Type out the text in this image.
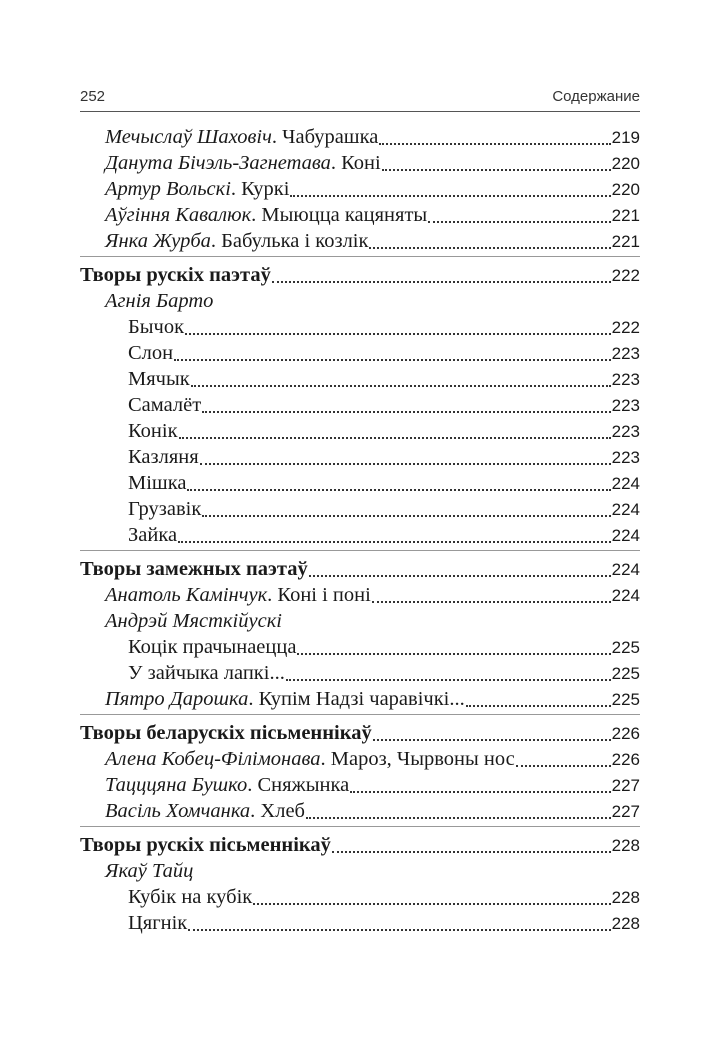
252	Содержание
Мечыслаў Шаховіч. Чабурашка	219
Данута Бічэль-Загнетава. Коні	220
Артур Вольскі. Куркі	220
Аўгіння Кавалюк. Мыюцца кацяняты	221
Янка Журба. Бабулька і козлік	221
Творы рускіх паэтаў	222
Агнія Барто
Бычок	222
Слон	223
Мячык	223
Самалёт	223
Конік	223
Казляня	223
Мішка	224
Грузавік	224
Зайка	224
Творы замежных паэтаў	224
Анатоль Камінчук. Коні і поні	224
Андрэй Мясткійускі
Коцік прачынаецца	225
У зайчыка лапкі...	225
Пятро Дарошка. Купім Надзі чаравічкі...	225
Творы беларускіх пісьменнікаў	226
Алена Кобец-Філімонава. Мароз, Чырвоны нос	226
Тацццяна Бушко. Сняжынка	227
Васіль Хомчанка. Хлеб	227
Творы рускіх пісьменнікаў	228
Якаў Тайц
Кубік на кубік	228
Цягнік	228
